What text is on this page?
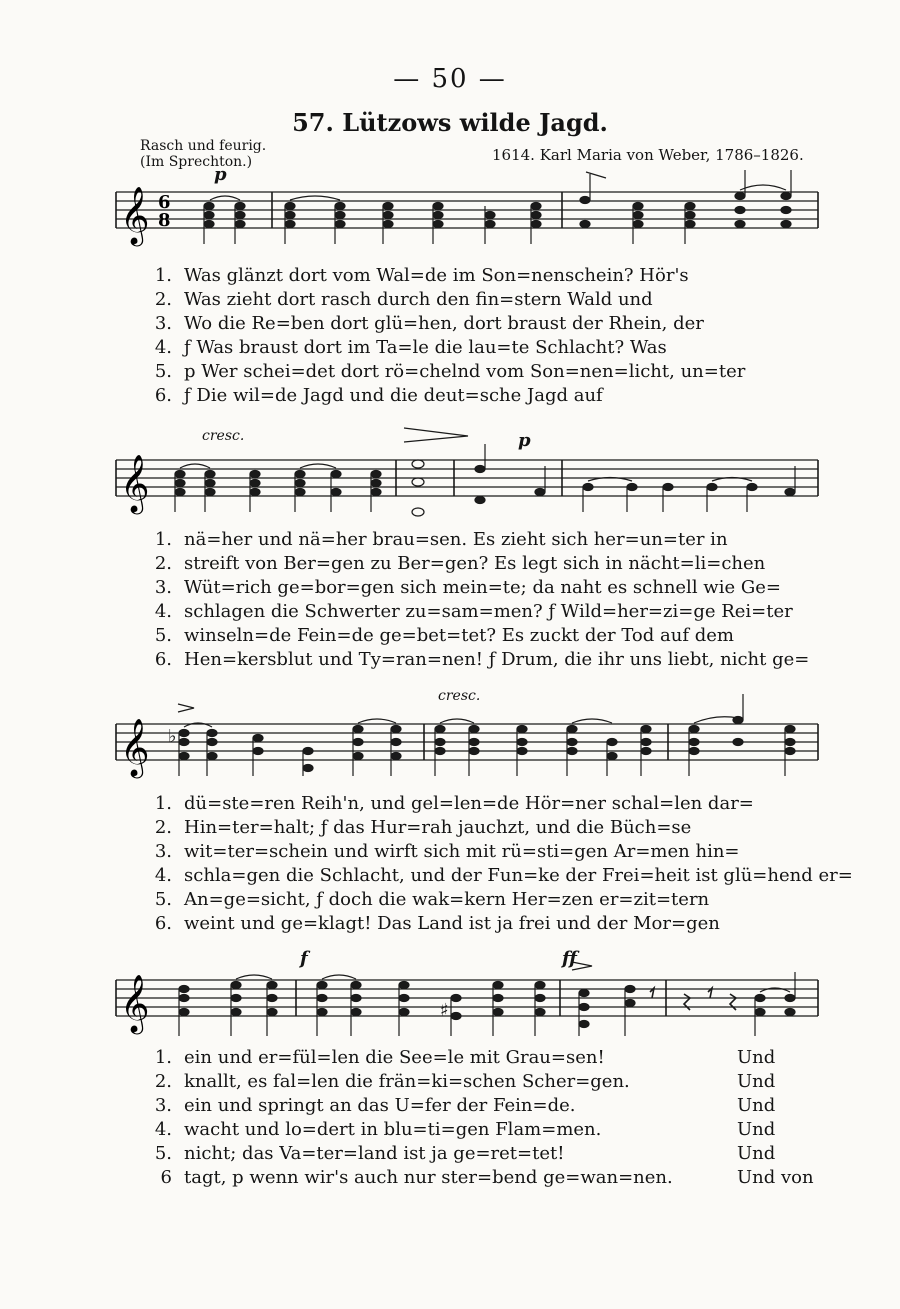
— 50 —
57. Lützows wilde Jagd.
Rasch und feurig.
(Im Sprechton.)	1614. Karl Maria von Weber, 1786–1826.
p
𝄞 6
8
1. Was glänzt dort vom Wal=de im Son=nenschein? Hör's
2. Was zieht dort rasch durch den fin=stern Wald und
3. Wo die Re=ben dort glü=hen, dort braust der Rhein, der
4. ƒ Was braust dort im Ta=le die lau=te Schlacht? Was
5. p Wer schei=det dort rö=chelnd vom Son=nen=licht, un=ter
6. ƒ Die wil=de Jagd und die deut=sche Jagd auf
cresc.	p
𝄞
1. nä=her und nä=her brau=sen. Es zieht sich her=un=ter in
2. streift von Ber=gen zu Ber=gen? Es legt sich in nächt=li=chen
3. Wüt=rich ge=bor=gen sich mein=te; da naht es schnell wie Ge=
4. schlagen die Schwerter zu=sam=men? ƒ Wild=her=zi=ge Rei=ter
5. winseln=de Fein=de ge=bet=tet? Es zuckt der Tod auf dem
6. Hen=kersblut und Ty=ran=nen! ƒ Drum, die ihr uns liebt, nicht ge=
cresc.
𝄞 ♭
1. dü=ste=ren Reih'n, und gel=len=de Hör=ner schal=len dar=
2. Hin=ter=halt; ƒ das Hur=rah jauchzt, und die Büch=se
3. wit=ter=schein und wirft sich mit rü=sti=gen Ar=men hin=
4. schla=gen die Schlacht, und der Fun=ke der Frei=heit ist glü=hend er=
5. An=ge=sicht, ƒ doch die wak=kern Her=zen er=zit=tern
6. weint und ge=klagt! Das Land ist ja frei und der Mor=gen
f	ff
𝄞	♯
1. ein und er=fül=len die See=le mit Grau=sen!	Und
2. knallt, es fal=len die frän=ki=schen Scher=gen.	Und
3. ein und springt an das U=fer der Fein=de.	Und
4. wacht und lo=dert in blu=ti=gen Flam=men.	Und
5. nicht; das Va=ter=land ist ja ge=ret=tet!	Und
6 tagt, p wenn wir's auch nur ster=bend ge=wan=nen.	Und von
